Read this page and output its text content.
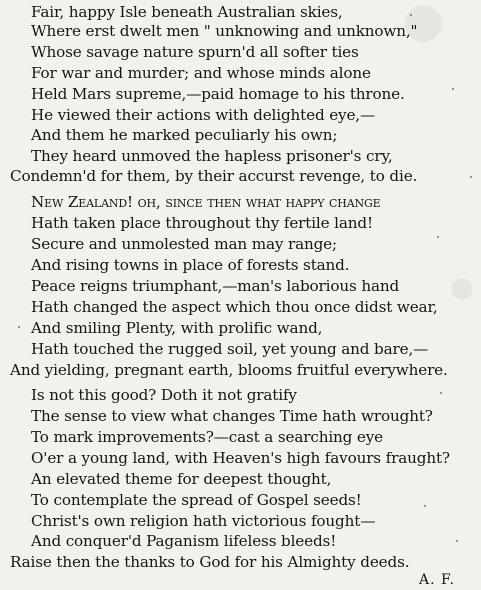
Fair, happy Isle beneath Australian skies,
Where erst dwelt men " unknowing and unknown,"
Whose savage nature spurn'd all softer ties
For war and murder; and whose minds alone
Held Mars supreme,—paid homage to his throne.
He viewed their actions with delighted eye,—
And them he marked peculiarly his own;
They heard unmoved the hapless prisoner's cry,
Condemn'd for them, by their accurst revenge, to die.
New Zealand! oh, since then what happy change
Hath taken place throughout thy fertile land!
Secure and unmolested man may range;
And rising towns in place of forests stand.
Peace reigns triumphant,—man's laborious hand
Hath changed the aspect which thou once didst wear,
And smiling Plenty, with prolific wand,
Hath touched the rugged soil, yet young and bare,—
And yielding, pregnant earth, blooms fruitful everywhere.
Is not this good? Doth it not gratify
The sense to view what changes Time hath wrought?
To mark improvements?—cast a searching eye
O'er a young land, with Heaven's high favours fraught?
An elevated theme for deepest thought,
To contemplate the spread of Gospel seeds!
Christ's own religion hath victorious fought—
And conquer'd Paganism lifeless bleeds!
Raise then the thanks to God for his Almighty deeds.
A. F.
